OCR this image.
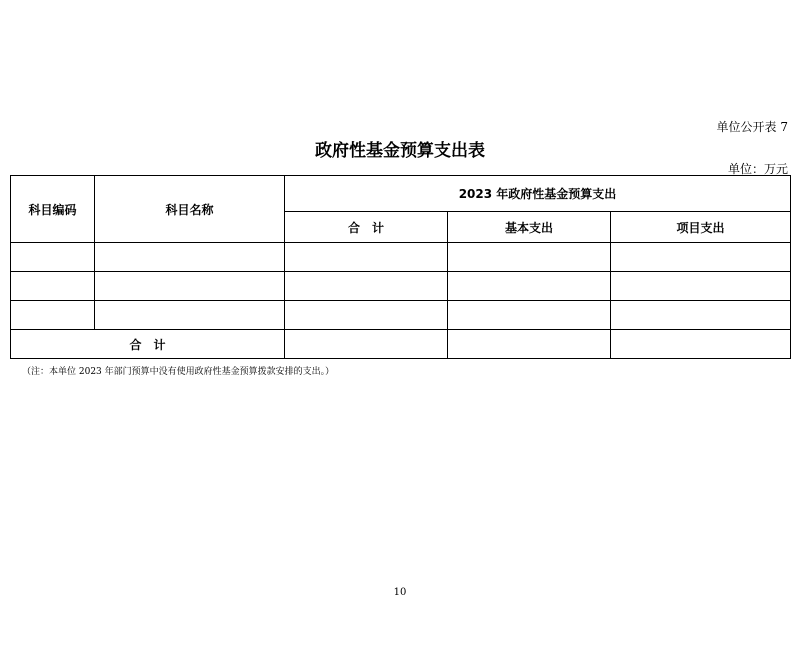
单位公开表 7
政府性基金预算支出表
单位：万元
科目编码	科目名称	2023 年政府性基金预算支出		
		合　计	基本支出	项目支出

合　计				
（注：本单位 2023 年部门预算中没有使用政府性基金预算拨款安排的支出。）
10
